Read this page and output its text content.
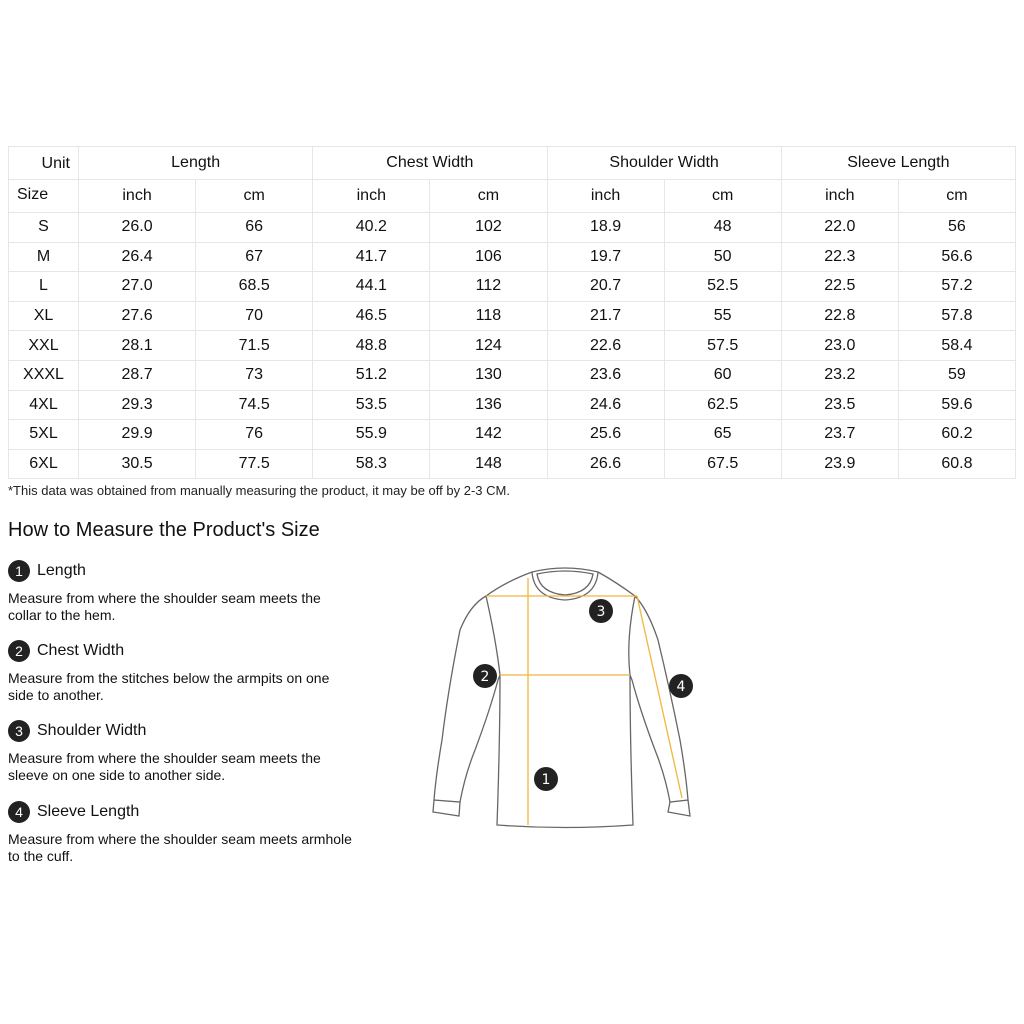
Unit	Length		Chest Width		Shoulder Width		Sleeve Length	

Size	inch	cm	inch	cm	inch	cm	inch	cm
S	26.0	66	40.2	102	18.9	48	22.0	56
M	26.4	67	41.7	106	19.7	50	22.3	56.6
L	27.0	68.5	44.1	112	20.7	52.5	22.5	57.2
XL	27.6	70	46.5	118	21.7	55	22.8	57.8
XXL	28.1	71.5	48.8	124	22.6	57.5	23.0	58.4
XXXL	28.7	73	51.2	130	23.6	60	23.2	59
4XL	29.3	74.5	53.5	136	24.6	62.5	23.5	59.6
5XL	29.9	76	55.9	142	25.6	65	23.7	60.2
6XL	30.5	77.5	58.3	148	26.6	67.5	23.9	60.8
*This data was obtained from manually measuring the product, it may be off by 2-3 CM.
How to Measure the Product's Size
1 Length
Measure from where the shoulder seam meets the collar to the hem.
2 Chest Width
Measure from the stitches below the armpits on one side to another.
3 Shoulder Width
Measure from where the shoulder seam meets the sleeve on one side to another side.
4 Sleeve Length
Measure from where the shoulder seam meets armhole to the cuff.
1
2
3
4
